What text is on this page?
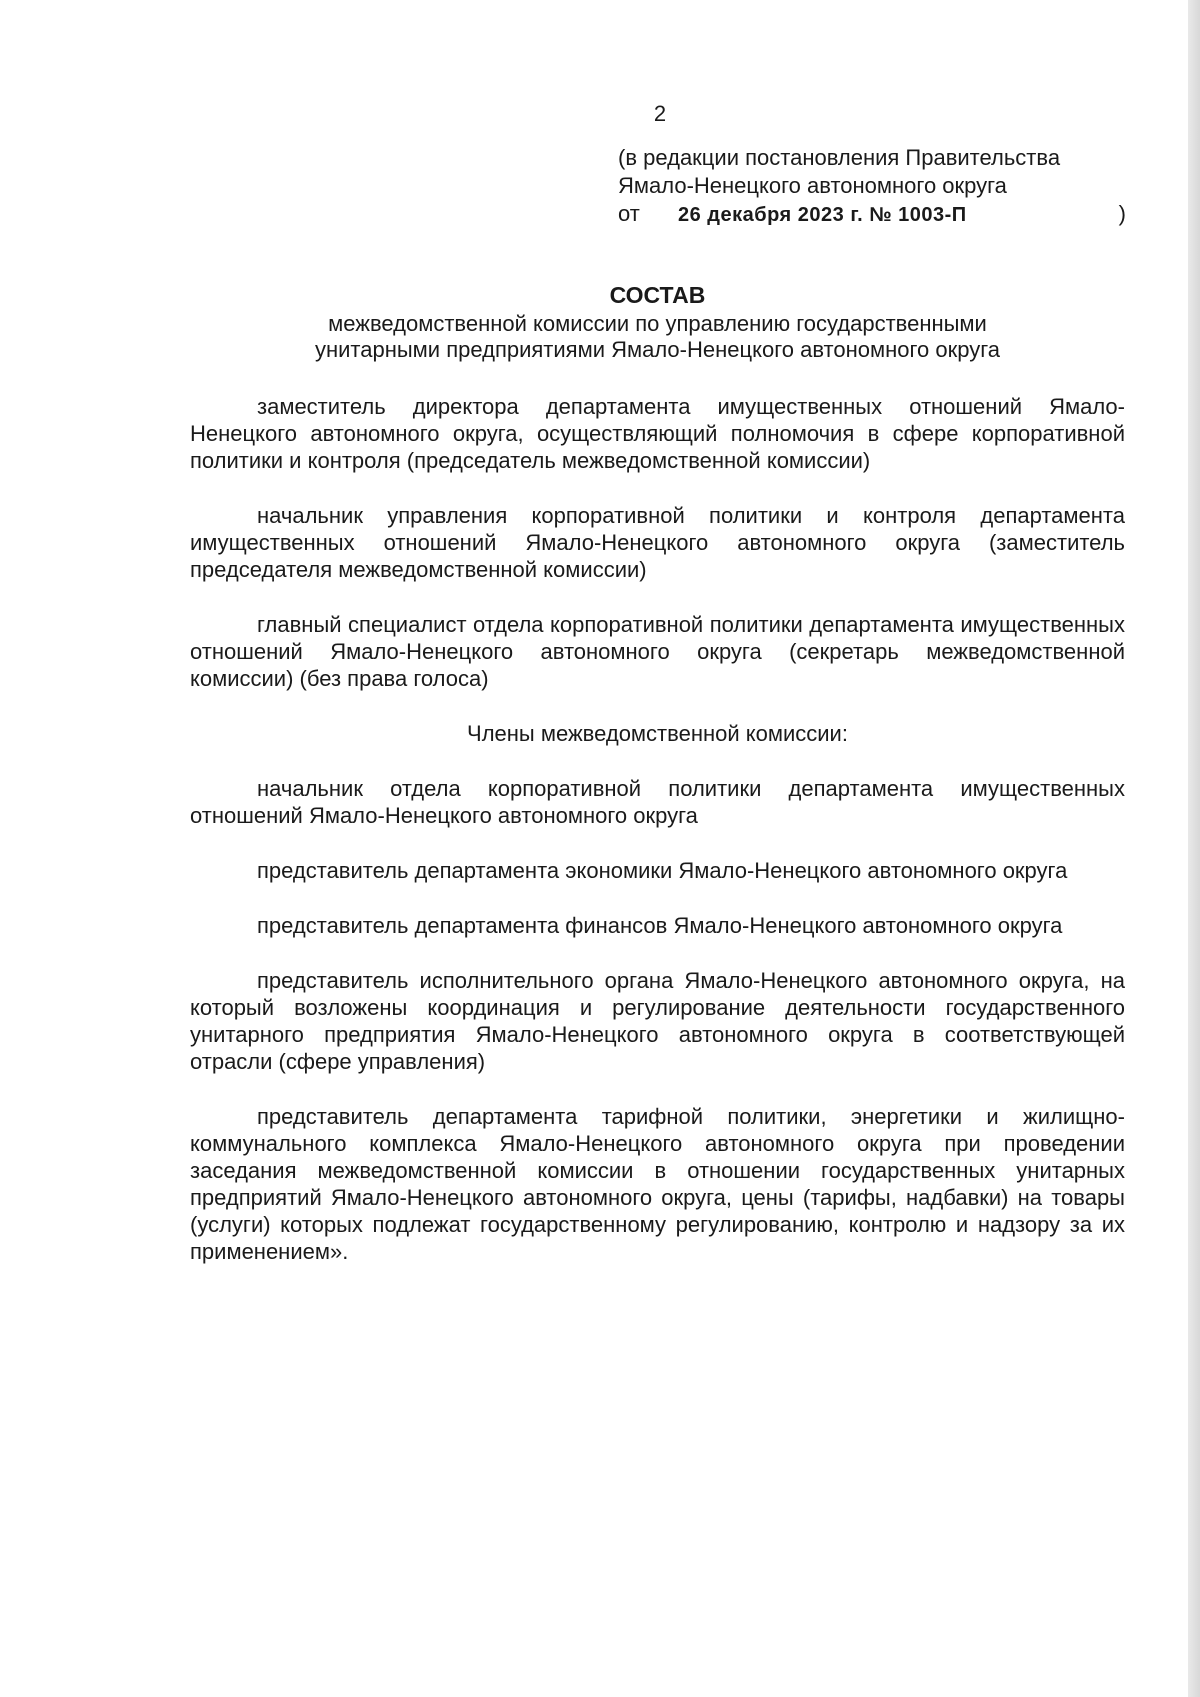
2
(в редакции постановления Правительства
Ямало-Ненецкого автономного округа
от	26 декабря 2023 г. № 1003-П	)
СОСТАВ
межведомственной комиссии по управлению государственными
унитарными предприятиями Ямало-Ненецкого автономного округа

заместитель директора департамента имущественных отношений Ямало-Ненецкого автономного округа, осуществляющий полномочия в сфере корпоративной политики и контроля (председатель межведомственной комиссии)

начальник управления корпоративной политики и контроля департамента имущественных отношений Ямало-Ненецкого автономного округа (заместитель председателя межведомственной комиссии)

главный специалист отдела корпоративной политики департамента имущественных отношений Ямало-Ненецкого автономного округа (секретарь межведомственной комиссии) (без права голоса)

Члены межведомственной комиссии:

начальник отдела корпоративной политики департамента имущественных отношений Ямало-Ненецкого автономного округа

представитель департамента экономики Ямало-Ненецкого автономного округа

представитель департамента финансов Ямало-Ненецкого автономного округа

представитель исполнительного органа Ямало-Ненецкого автономного округа, на который возложены координация и регулирование деятельности государственного унитарного предприятия Ямало-Ненецкого автономного округа в соответствующей отрасли (сфере управления)

представитель департамента тарифной политики, энергетики и жилищно-коммунального комплекса Ямало-Ненецкого автономного округа при проведении заседания межведомственной комиссии в отношении государственных унитарных предприятий Ямало-Ненецкого автономного округа, цены (тарифы, надбавки) на товары (услуги) которых подлежат государственному регулированию, контролю и надзору за их применением».
